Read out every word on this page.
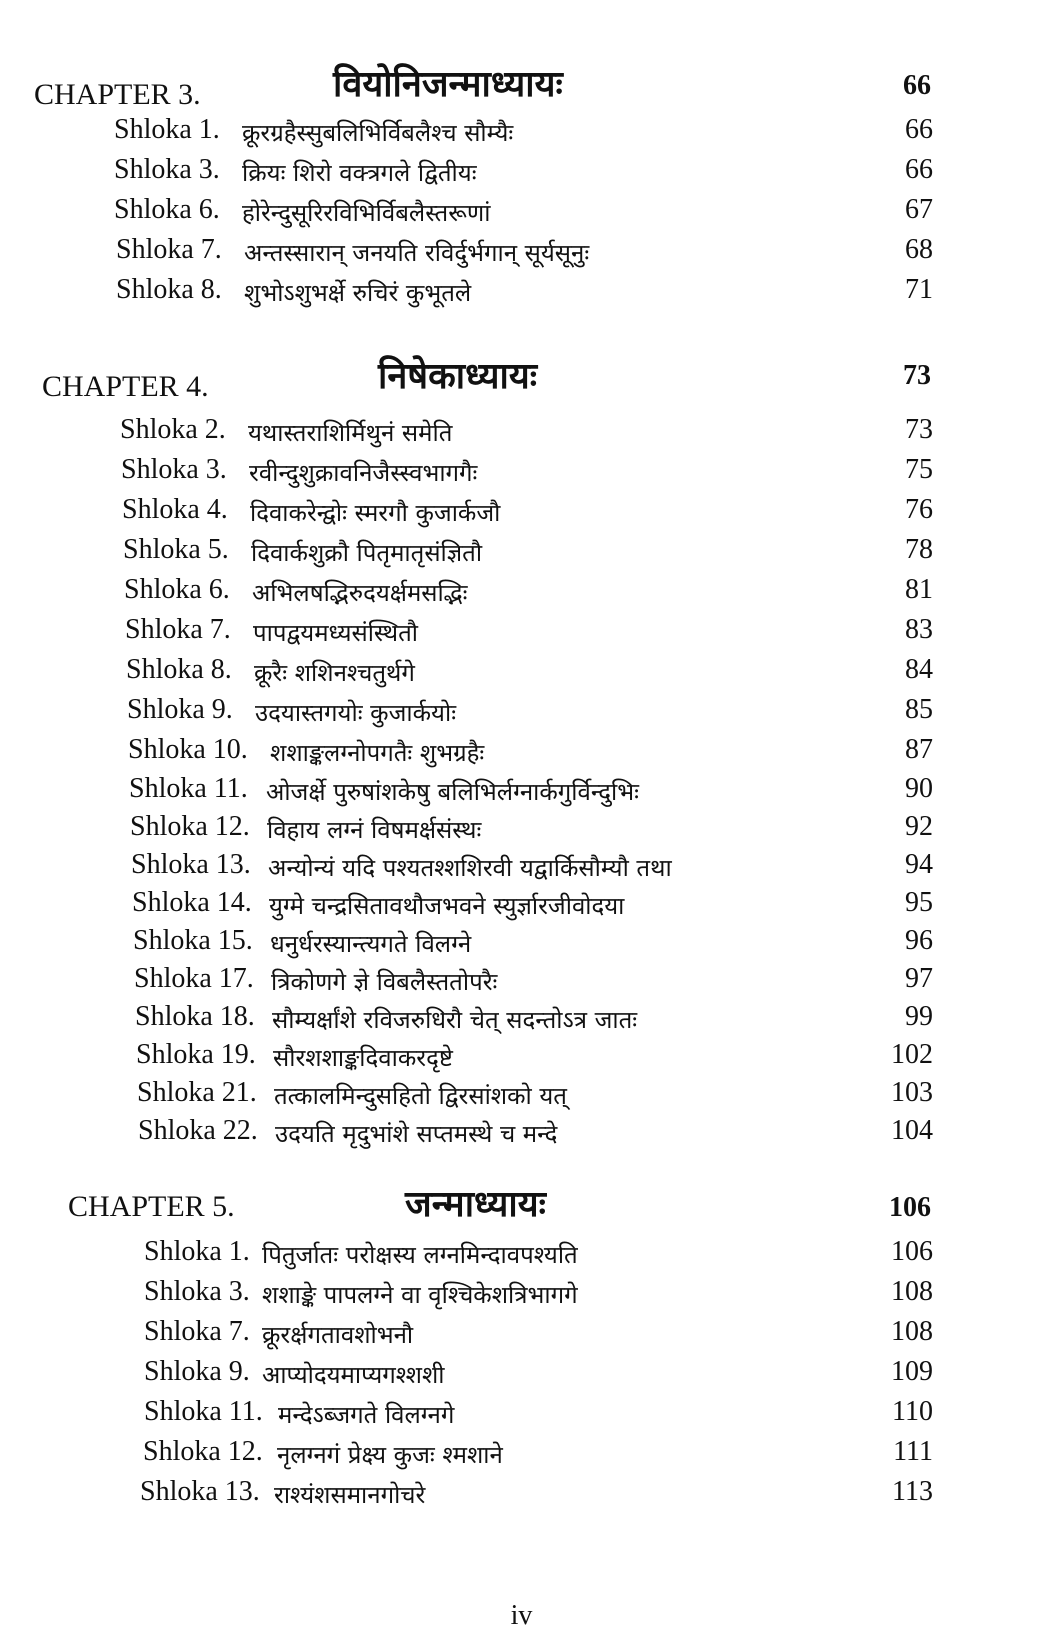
CHAPTER 3.	वियोनिजन्माध्यायः	66
Shloka 1. क्रूरग्रहैस्सुबलिभिर्विबलैश्च सौम्यैः	66
Shloka 3. क्रियः शिरो वक्त्रगले द्वितीयः	66
Shloka 6. होरेन्दुसूरिरविभिर्विबलैस्तरूणां	67
Shloka 7. अन्तस्सारान् जनयति रविर्दुर्भगान् सूर्यसूनुः	68
Shloka 8. शुभोऽशुभर्क्षे रुचिरं कुभूतले	71
CHAPTER 4.	निषेकाध्यायः	73
Shloka 2. यथास्तराशिर्मिथुनं समेति	73
Shloka 3. रवीन्दुशुक्रावनिजैस्स्वभागगैः	75
Shloka 4. दिवाकरेन्द्वोः स्मरगौ कुजार्कजौ	76
Shloka 5. दिवार्कशुक्रौ पितृमातृसंज्ञितौ	78
Shloka 6. अभिलषद्भिरुदयर्क्षमसद्भिः	81
Shloka 7. पापद्वयमध्यसंस्थितौ	83
Shloka 8. क्रूरैः शशिनश्चतुर्थगे	84
Shloka 9. उदयास्तगयोः कुजार्कयोः	85
Shloka 10. शशाङ्कलग्नोपगतैः शुभग्रहैः	87
Shloka 11. ओजर्क्षे पुरुषांशकेषु बलिभिर्लग्नार्कगुर्विन्दुभिः	90
Shloka 12. विहाय लग्नं विषमर्क्षसंस्थः	92
Shloka 13. अन्योन्यं यदि पश्यतश्शशिरवी यद्वार्किसौम्यौ तथा	94
Shloka 14. युग्मे चन्द्रसितावथौजभवने स्युर्ज्ञारजीवोदया	95
Shloka 15. धनुर्धरस्यान्त्यगते विलग्ने	96
Shloka 17. त्रिकोणगे ज्ञे विबलैस्ततोपरैः	97
Shloka 18. सौम्यर्क्षांशे रविजरुधिरौ चेत् सदन्तोऽत्र जातः	99
Shloka 19. सौरशशाङ्कदिवाकरदृष्टे	102
Shloka 21. तत्कालमिन्दुसहितो द्विरसांशको यत्	103
Shloka 22. उदयति मृदुभांशे सप्तमस्थे च मन्दे	104
CHAPTER 5.	जन्माध्यायः	106
Shloka 1. पितुर्जातः परोक्षस्य लग्नमिन्दावपश्यति	106
Shloka 3. शशाङ्के पापलग्ने वा वृश्चिकेशत्रिभागगे	108
Shloka 7. क्रूरर्क्षगतावशोभनौ	108
Shloka 9. आप्योदयमाप्यगश्शशी	109
Shloka 11. मन्देऽब्जगते विलग्नगे	110
Shloka 12. नृलग्नगं प्रेक्ष्य कुजः श्मशाने	111
Shloka 13. राश्यंशसमानगोचरे	113
iv
